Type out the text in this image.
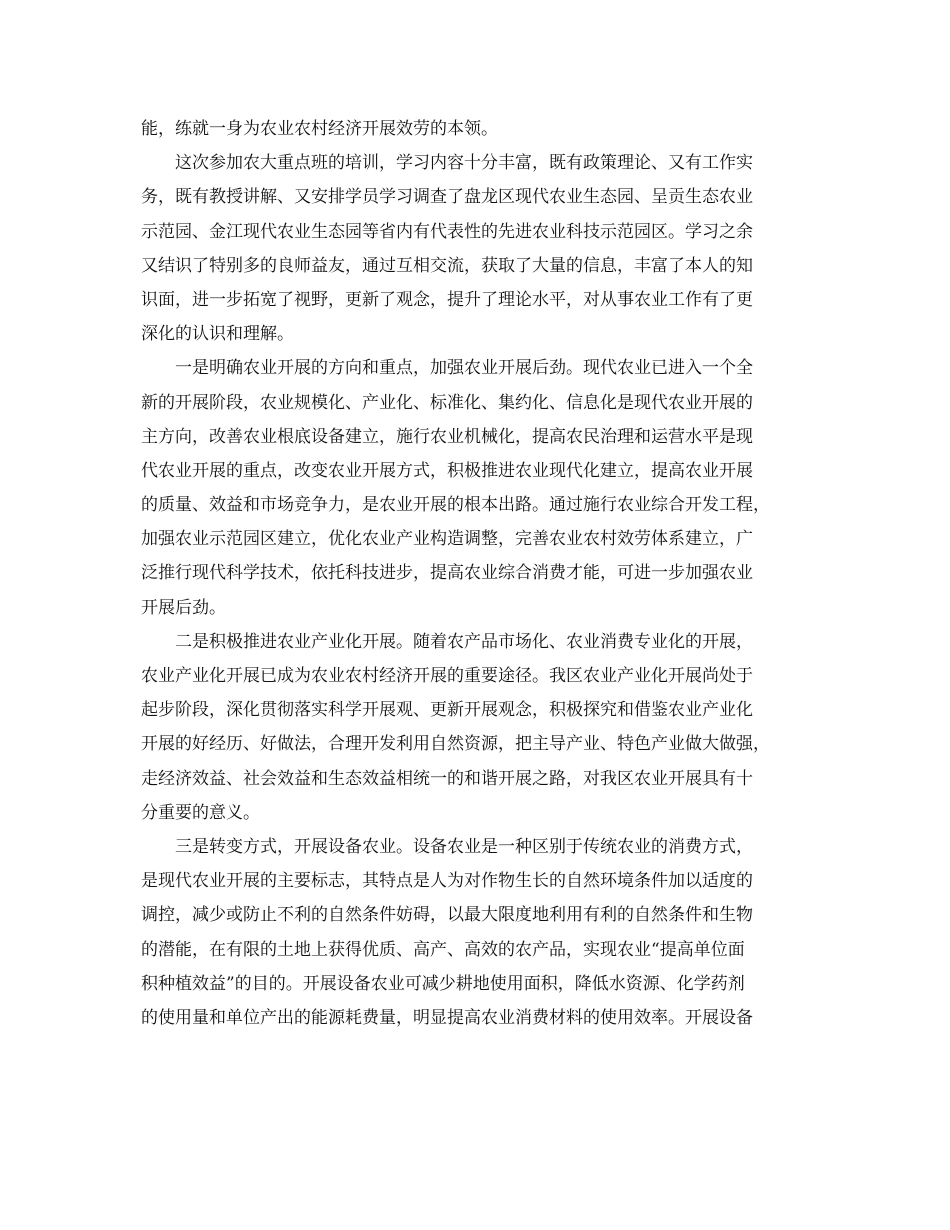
能，练就一身为农业农村经济开展效劳的本领。
这次参加农大重点班的培训，学习内容十分丰富，既有政策理论、又有工作实
务，既有教授讲解、又安排学员学习调查了盘龙区现代农业生态园、呈贡生态农业
示范园、金江现代农业生态园等省内有代表性的先进农业科技示范园区。学习之余
又结识了特别多的良师益友，通过互相交流，获取了大量的信息，丰富了本人的知
识面，进一步拓宽了视野，更新了观念，提升了理论水平，对从事农业工作有了更
深化的认识和理解。
一是明确农业开展的方向和重点，加强农业开展后劲。现代农业已进入一个全
新的开展阶段，农业规模化、产业化、标准化、集约化、信息化是现代农业开展的
主方向，改善农业根底设备建立，施行农业机械化，提高农民治理和运营水平是现
代农业开展的重点，改变农业开展方式，积极推进农业现代化建立，提高农业开展
的质量、效益和市场竞争力，是农业开展的根本出路。通过施行农业综合开发工程，
加强农业示范园区建立，优化农业产业构造调整，完善农业农村效劳体系建立，广
泛推行现代科学技术，依托科技进步，提高农业综合消费才能，可进一步加强农业
开展后劲。
二是积极推进农业产业化开展。随着农产品市场化、农业消费专业化的开展，
农业产业化开展已成为农业农村经济开展的重要途径。我区农业产业化开展尚处于
起步阶段，深化贯彻落实科学开展观、更新开展观念，积极探究和借鉴农业产业化
开展的好经历、好做法，合理开发利用自然资源，把主导产业、特色产业做大做强，
走经济效益、社会效益和生态效益相统一的和谐开展之路，对我区农业开展具有十
分重要的意义。
三是转变方式，开展设备农业。设备农业是一种区别于传统农业的消费方式，
是现代农业开展的主要标志，其特点是人为对作物生长的自然环境条件加以适度的
调控，减少或防止不利的自然条件妨碍，以最大限度地利用有利的自然条件和生物
的潜能，在有限的土地上获得优质、高产、高效的农产品，实现农业“提高单位面
积种植效益”的目的。开展设备农业可减少耕地使用面积，降低水资源、化学药剂
的使用量和单位产出的能源耗费量，明显提高农业消费材料的使用效率。开展设备
